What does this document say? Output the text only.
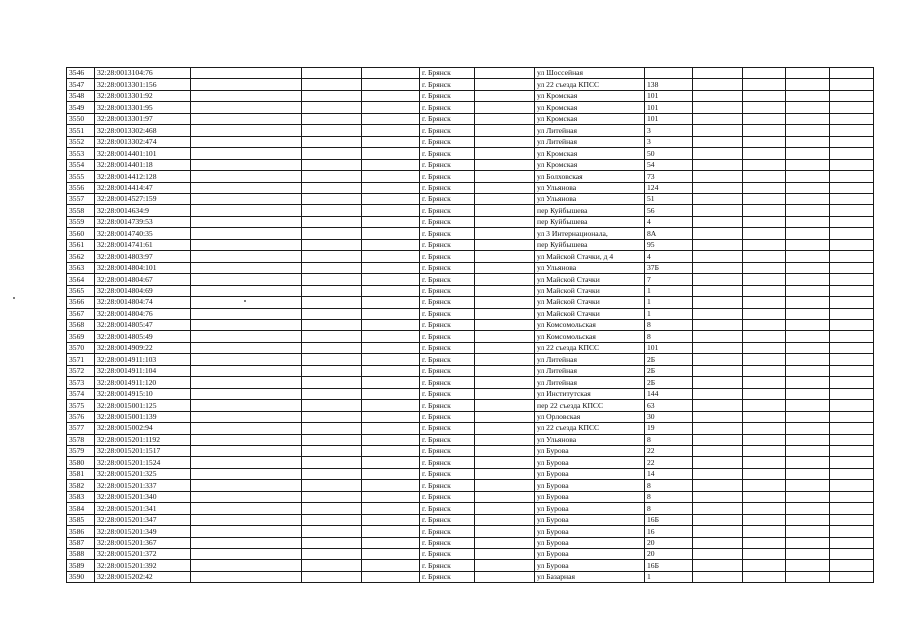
3546	32:28:0013104:76				г. Брянск		ул Шоссейная					
3547	32:28:0013301:156				г. Брянск		ул 22 съезда КПСС	138				
3548	32:28:0013301:92				г. Брянск		ул Кромская	101				
3549	32:28:0013301:95				г. Брянск		ул Кромская	101				
3550	32:28:0013301:97				г. Брянск		ул Кромская	101				
3551	32:28:0013302:468				г. Брянск		ул Литейная	3				
3552	32:28:0013302:474				г. Брянск		ул Литейная	3				
3553	32:28:0014401:101				г. Брянск		ул Кромская	50				
3554	32:28:0014401:18				г. Брянск		ул Кромская	54				
3555	32:28:0014412:128				г. Брянск		ул Болховская	73				
3556	32:28:0014414:47				г. Брянск		ул Ульянова	124				
3557	32:28:0014527:159				г. Брянск		ул Ульянова	51				
3558	32:28:0014634:9				г. Брянск		пер Куйбышева	56				
3559	32:28:0014739:53				г. Брянск		пер Куйбышева	4				
3560	32:28:0014740:35				г. Брянск		ул 3 Интернационала,	8А				
3561	32:28:0014741:61				г. Брянск		пер Куйбышева	95				
3562	32:28:0014803:97				г. Брянск		ул Майской Стачки, д 4	4				
3563	32:28:0014804:101				г. Брянск		ул Ульянова	37Б				
3564	32:28:0014804:67				г. Брянск		ул Майской Стачки	7				
3565	32:28:0014804:69				г. Брянск		ул Майской Стачки	1				
3566	32:28:0014804:74				г. Брянск		ул Майской Стачки	1				
3567	32:28:0014804:76				г. Брянск		ул Майской Стачки	1				
3568	32:28:0014805:47				г. Брянск		ул Комсомольская	8				
3569	32:28:0014805:49				г. Брянск		ул Комсомольская	8				
3570	32:28:0014909:22				г. Брянск		ул 22 съезда КПСС	101				
3571	32:28:0014911:103				г. Брянск		ул Литейная	2Б				
3572	32:28:0014911:104				г. Брянск		ул Литейная	2Б				
3573	32:28:0014911:120				г. Брянск		ул Литейная	2Б				
3574	32:28:0014915:10				г. Брянск		ул Институтская	144				
3575	32:28:0015001:125				г. Брянск		пер 22 съезда КПСС	63				
3576	32:28:0015001:139				г. Брянск		ул Орловская	30				
3577	32:28:0015002:94				г. Брянск		ул 22 съезда КПСС	19				
3578	32:28:0015201:1192				г. Брянск		ул Ульянова	8				
3579	32:28:0015201:1517				г. Брянск		ул Бурова	22				
3580	32:28:0015201:1524				г. Брянск		ул Бурова	22				
3581	32:28:0015201:325				г. Брянск		ул Бурова	14				
3582	32:28:0015201:337				г. Брянск		ул Бурова	8				
3583	32:28:0015201:340				г. Брянск		ул Бурова	8				
3584	32:28:0015201:341				г. Брянск		ул Бурова	8				
3585	32:28:0015201:347				г. Брянск		ул Бурова	16Б				
3586	32:28:0015201:349				г. Брянск		ул Бурова	16				
3587	32:28:0015201:367				г. Брянск		ул Бурова	20				
3588	32:28:0015201:372				г. Брянск		ул Бурова	20				
3589	32:28:0015201:392				г. Брянск		ул Бурова	16Б				
3590	32:28:0015202:42				г. Брянск		ул Базарная	1				
